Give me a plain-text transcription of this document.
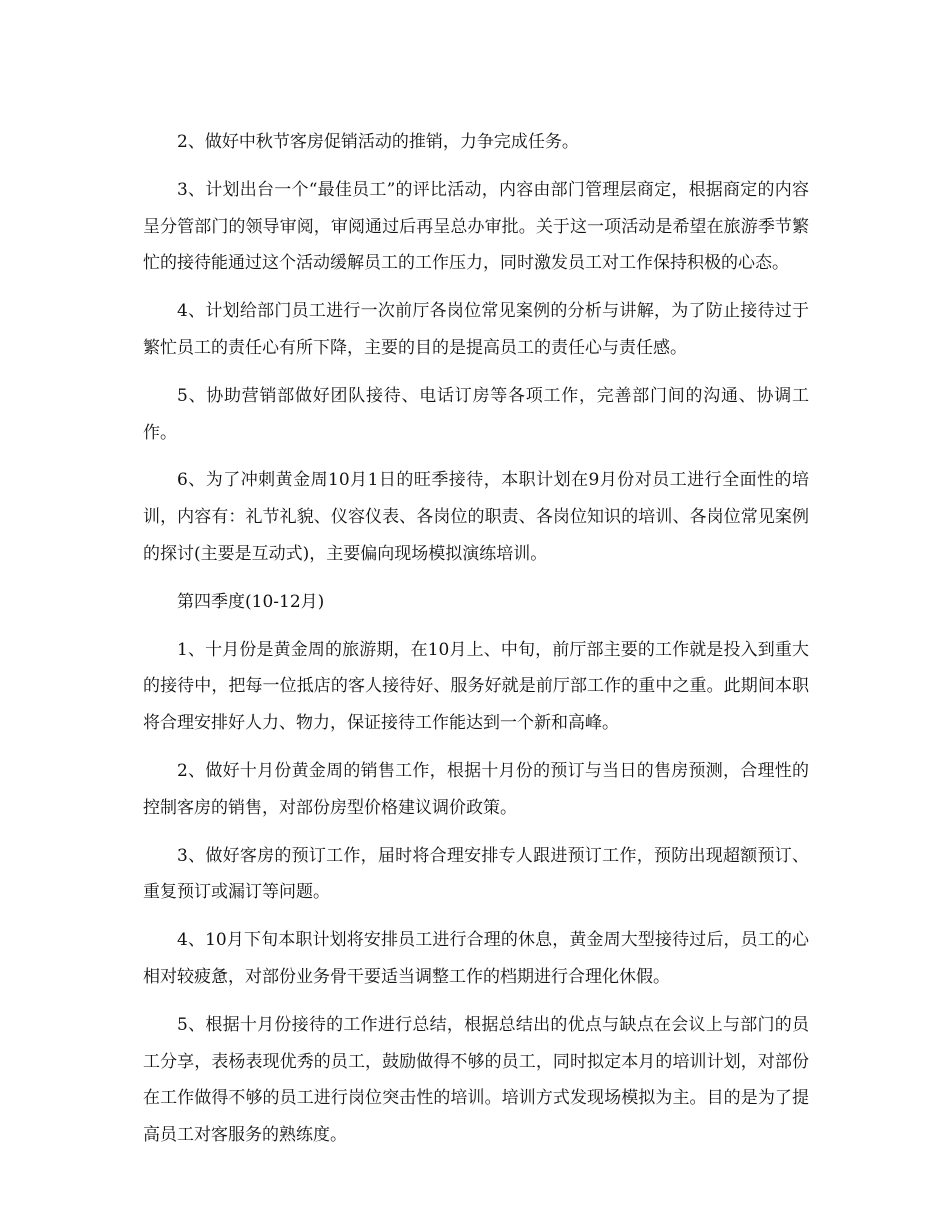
2、做好中秋节客房促销活动的推销，力争完成任务。

3、计划出台一个“最佳员工”的评比活动，内容由部门管理层商定，根据商定的内容呈分管部门的领导审阅，审阅通过后再呈总办审批。关于这一项活动是希望在旅游季节繁忙的接待能通过这个活动缓解员工的工作压力，同时激发员工对工作保持积极的心态。

4、计划给部门员工进行一次前厅各岗位常见案例的分析与讲解，为了防止接待过于繁忙员工的责任心有所下降，主要的目的是提高员工的责任心与责任感。

5、协助营销部做好团队接待、电话订房等各项工作，完善部门间的沟通、协调工作。

6、为了冲刺黄金周10月1日的旺季接待，本职计划在9月份对员工进行全面性的培训，内容有：礼节礼貌、仪容仪表、各岗位的职责、各岗位知识的培训、各岗位常见案例的探讨(主要是互动式)，主要偏向现场模拟演练培训。

第四季度(10-12月)

1、十月份是黄金周的旅游期，在10月上、中旬，前厅部主要的工作就是投入到重大的接待中，把每一位抵店的客人接待好、服务好就是前厅部工作的重中之重。此期间本职将合理安排好人力、物力，保证接待工作能达到一个新和高峰。

2、做好十月份黄金周的销售工作，根据十月份的预订与当日的售房预测，合理性的控制客房的销售，对部份房型价格建议调价政策。

3、做好客房的预订工作，届时将合理安排专人跟进预订工作，预防出现超额预订、重复预订或漏订等问题。

4、10月下旬本职计划将安排员工进行合理的休息，黄金周大型接待过后，员工的心相对较疲惫，对部份业务骨干要适当调整工作的档期进行合理化休假。

5、根据十月份接待的工作进行总结，根据总结出的优点与缺点在会议上与部门的员工分享，表杨表现优秀的员工，鼓励做得不够的员工，同时拟定本月的培训计划，对部份在工作做得不够的员工进行岗位突击性的培训。培训方式发现场模拟为主。目的是为了提高员工对客服务的熟练度。
